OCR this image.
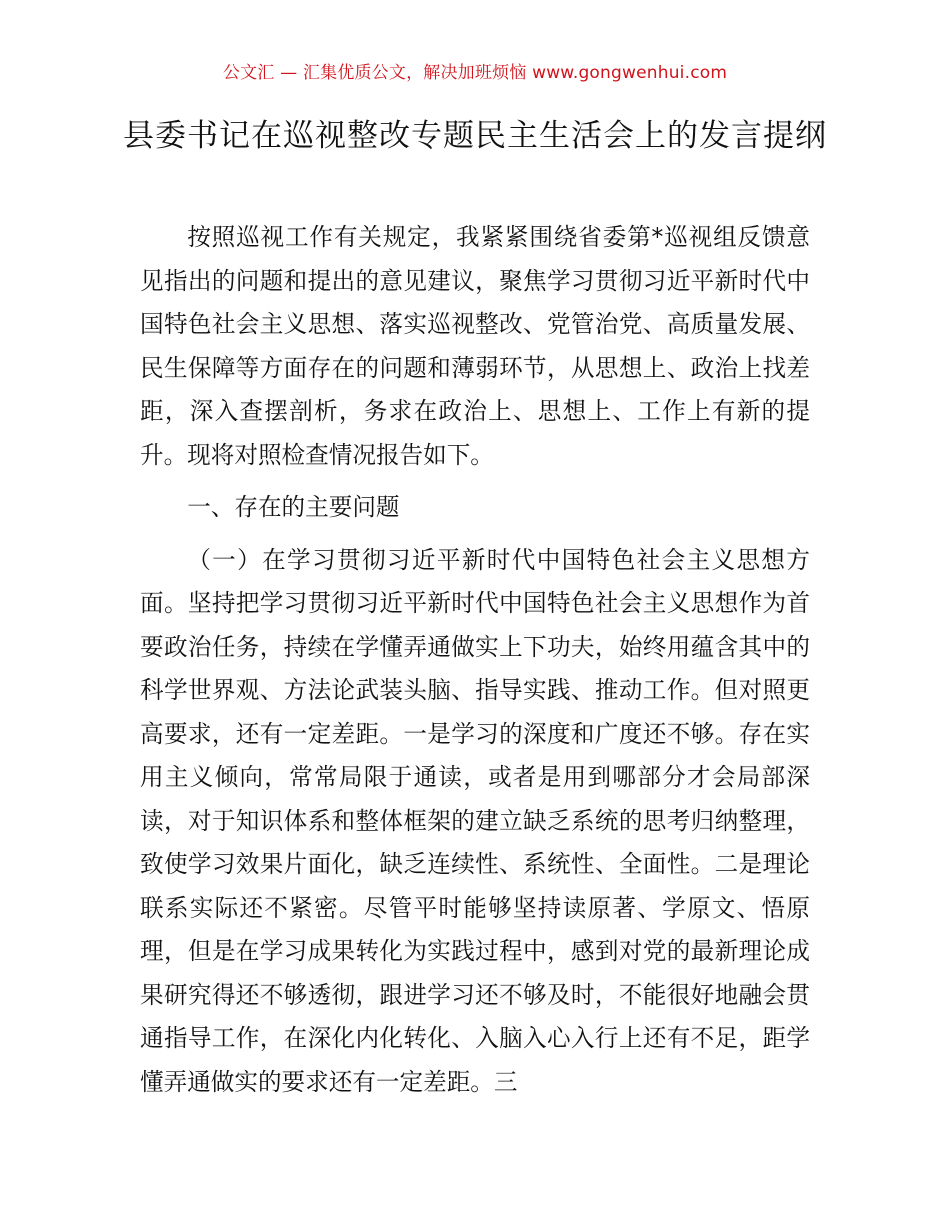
公文汇 — 汇集优质公文，解决加班烦恼 www.gongwenhui.com
县委书记在巡视整改专题民主生活会上的发言提纲

按照巡视工作有关规定，我紧紧围绕省委第*巡视组反馈意见指出的问题和提出的意见建议，聚焦学习贯彻习近平新时代中国特色社会主义思想、落实巡视整改、党管治党、高质量发展、民生保障等方面存在的问题和薄弱环节，从思想上、政治上找差距，深入查摆剖析，务求在政治上、思想上、工作上有新的提升。现将对照检查情况报告如下。

一、存在的主要问题

（一）在学习贯彻习近平新时代中国特色社会主义思想方面。坚持把学习贯彻习近平新时代中国特色社会主义思想作为首要政治任务，持续在学懂弄通做实上下功夫，始终用蕴含其中的科学世界观、方法论武装头脑、指导实践、推动工作。但对照更高要求，还有一定差距。一是学习的深度和广度还不够。存在实用主义倾向，常常局限于通读，或者是用到哪部分才会局部深读，对于知识体系和整体框架的建立缺乏系统的思考归纳整理，致使学习效果片面化，缺乏连续性、系统性、全面性。二是理论联系实际还不紧密。尽管平时能够坚持读原著、学原文、悟原理，但是在学习成果转化为实践过程中，感到对党的最新理论成果研究得还不够透彻，跟进学习还不够及时，不能很好地融会贯通指导工作，在深化内化转化、入脑入心入行上还有不足，距学懂弄通做实的要求还有一定差距。三
